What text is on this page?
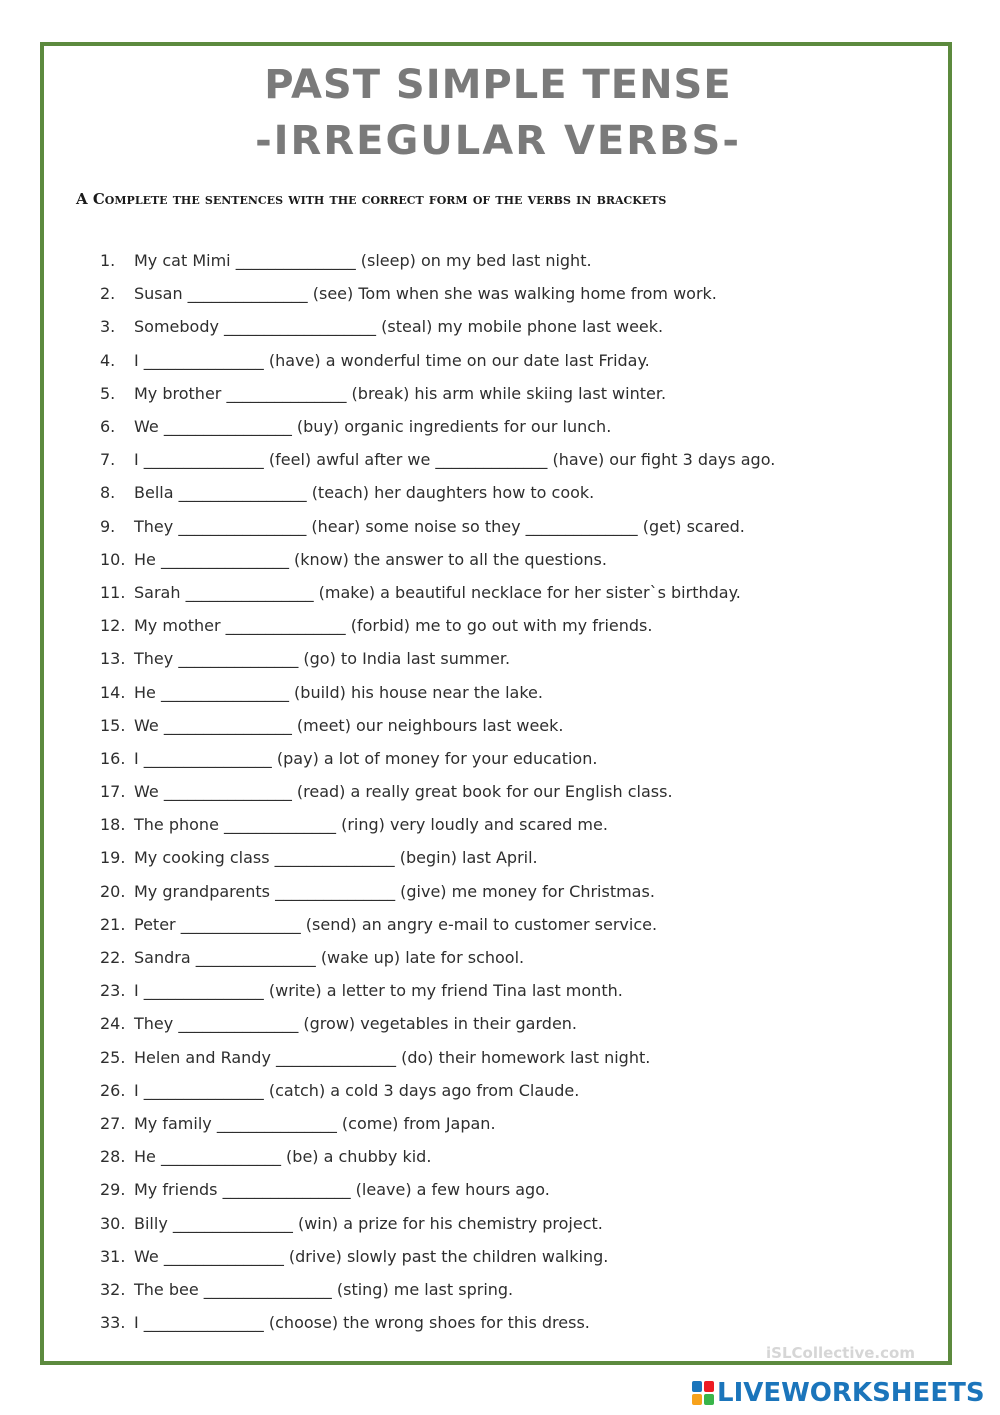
PAST SIMPLE TENSE
-IRREGULAR VERBS-

A Complete the sentences with the correct form of the verbs in brackets

1.	My cat Mimi _______________ (sleep) on my bed last night.
2.	Susan _______________ (see) Tom when she was walking home from work.
3.	Somebody ___________________ (steal) my mobile phone last week.
4.	I _______________ (have) a wonderful time on our date last Friday.
5.	My brother _______________ (break) his arm while skiing last winter.
6.	We ________________ (buy) organic ingredients for our lunch.
7.	I _______________ (feel) awful after we ______________ (have) our fight 3 days ago.
8.	Bella ________________ (teach) her daughters how to cook.
9.	They ________________ (hear) some noise so they ______________ (get) scared.
10. He ________________ (know) the answer to all the questions.
11. Sarah ________________ (make) a beautiful necklace for her sister`s birthday.
12. My mother _______________ (forbid) me to go out with my friends.
13. They _______________ (go) to India last summer.
14. He ________________ (build) his house near the lake.
15. We ________________ (meet) our neighbours last week.
16. I ________________ (pay) a lot of money for your education.
17. We ________________ (read) a really great book for our English class.
18. The phone ______________ (ring) very loudly and scared me.
19. My cooking class _______________ (begin) last April.
20. My grandparents _______________ (give) me money for Christmas.
21. Peter _______________ (send) an angry e-mail to customer service.
22. Sandra _______________ (wake up) late for school.
23. I _______________ (write) a letter to my friend Tina last month.
24. They _______________ (grow) vegetables in their garden.
25. Helen and Randy _______________ (do) their homework last night.
26. I _______________ (catch) a cold 3 days ago from Claude.
27. My family _______________ (come) from Japan.
28. He _______________ (be) a chubby kid.
29. My friends ________________ (leave) a few hours ago.
30. Billy _______________ (win) a prize for his chemistry project.
31. We _______________ (drive) slowly past the children walking.
32. The bee ________________ (sting) me last spring.
33. I _______________ (choose) the wrong shoes for this dress.

iSLCollective.com

LIVEWORKSHEETS
